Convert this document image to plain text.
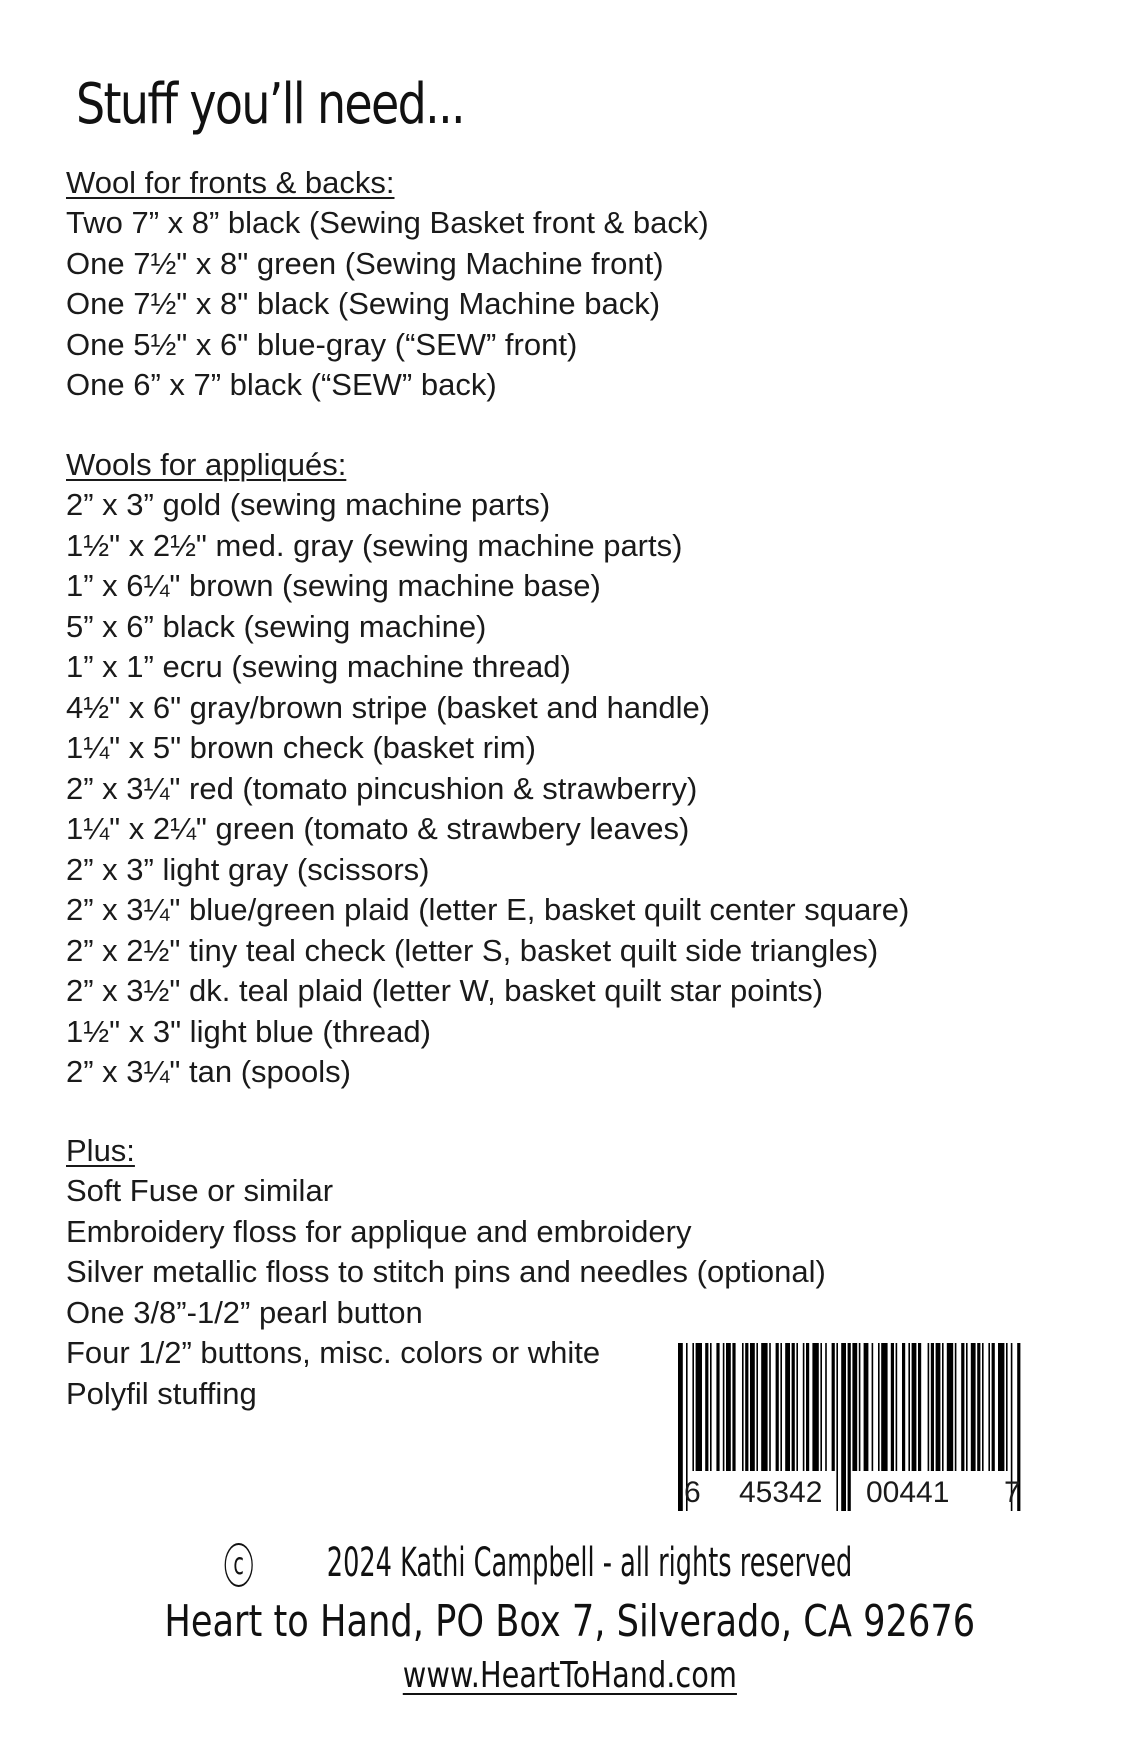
Stuff you’ll need...
Wool for fronts & backs:
Two 7” x 8” black (Sewing Basket front & back)
One 7½" x 8" green (Sewing Machine front)
One 7½" x 8" black (Sewing Machine back)
One 5½" x 6" blue-gray (“SEW” front)
One 6” x 7” black (“SEW” back)
Wools for appliqués:
2” x 3” gold (sewing machine parts)
1½" x 2½" med. gray (sewing machine parts)
1” x 6¼" brown (sewing machine base)
5” x 6” black (sewing machine)
1” x 1” ecru (sewing machine thread)
4½" x 6" gray/brown stripe (basket and handle)
1¼" x 5" brown check (basket rim)
2” x 3¼" red (tomato pincushion & strawberry)
1¼" x 2¼" green (tomato & strawbery leaves)
2” x 3” light gray (scissors)
2” x 3¼" blue/green plaid (letter E, basket quilt center square)
2” x 2½" tiny teal check (letter S, basket quilt side triangles)
2” x 3½" dk. teal plaid (letter W, basket quilt star points)
1½" x 3" light blue (thread)
2” x 3¼" tan (spools)
Plus:
Soft Fuse or similar
Embroidery floss for applique and embroidery
Silver metallic floss to stitch pins and needles (optional)
One 3/8”-1/2” pearl button
Four 1/2” buttons, misc. colors or white
Polyfil stuffing
6 45342 00441 7
c 2024 Kathi Campbell - all rights reserved
Heart to Hand, PO Box 7, Silverado, CA 92676
www.HeartToHand.com
